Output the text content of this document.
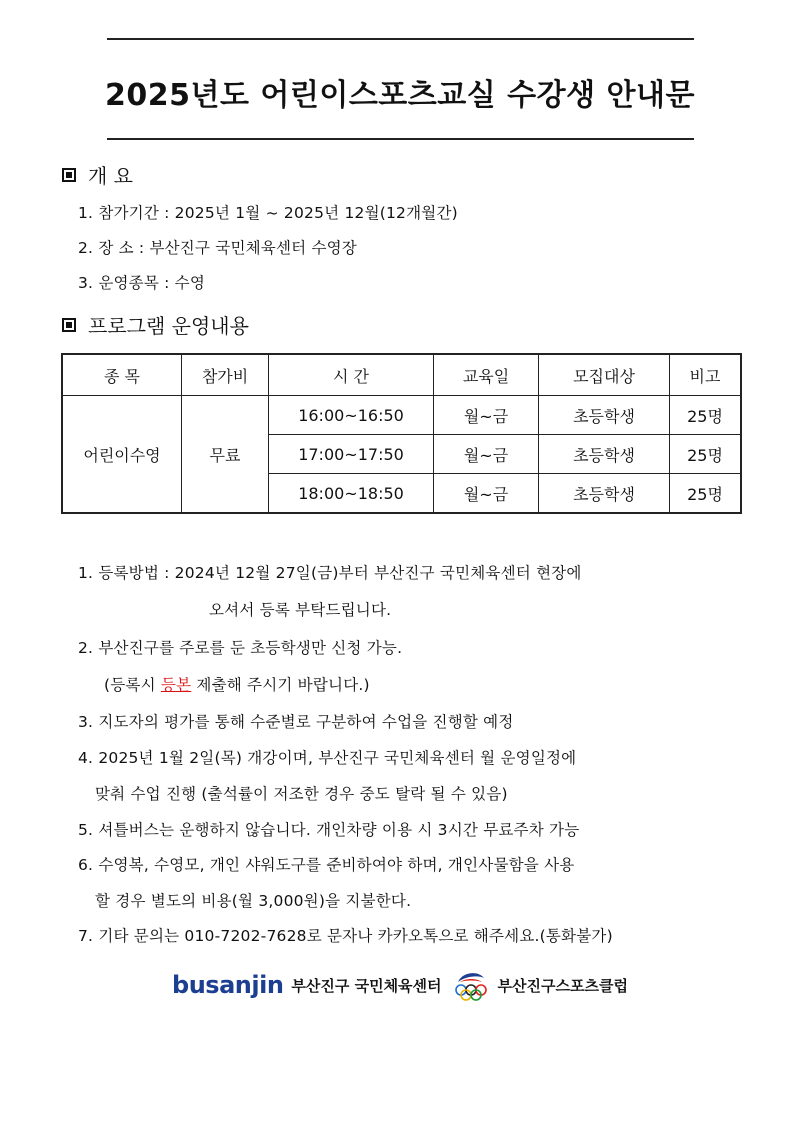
2025년도 어린이스포츠교실 수강생 안내문
개 요
1. 참가기간 : 2025년 1월 ~ 2025년 12월(12개월간)
2. 장 소 : 부산진구 국민체육센터 수영장
3. 운영종목 : 수영
프로그램 운영내용
종 목	참가비	시 간	교육일	모집대상	비고
어린이수영	무료	16:00~16:50	월~금	초등학생	25명
		17:00~17:50	월~금	초등학생	25명
		18:00~18:50	월~금	초등학생	25명
1. 등록방법 : 2024년 12월 27일(금)부터 부산진구 국민체육센터 현장에
오셔서 등록 부탁드립니다.
2. 부산진구를 주로를 둔 초등학생만 신청 가능.
(등록시 등본 제출해 주시기 바랍니다.)
3. 지도자의 평가를 통해 수준별로 구분하여 수업을 진행할 예정
4. 2025년 1월 2일(목) 개강이며, 부산진구 국민체육센터 월 운영일정에
맞춰 수업 진행 (출석률이 저조한 경우 중도 탈락 될 수 있음)
5. 셔틀버스는 운행하지 않습니다. 개인차량 이용 시 3시간 무료주차 가능
6. 수영복, 수영모, 개인 샤워도구를 준비하여야 하며, 개인사물함을 사용
할 경우 별도의 비용(월 3,000원)을 지불한다.
7. 기타 문의는 010-7202-7628로 문자나 카카오톡으로 해주세요.(통화불가)
busanjin 부산진구 국민체육센터	부산진구스포츠클럽
